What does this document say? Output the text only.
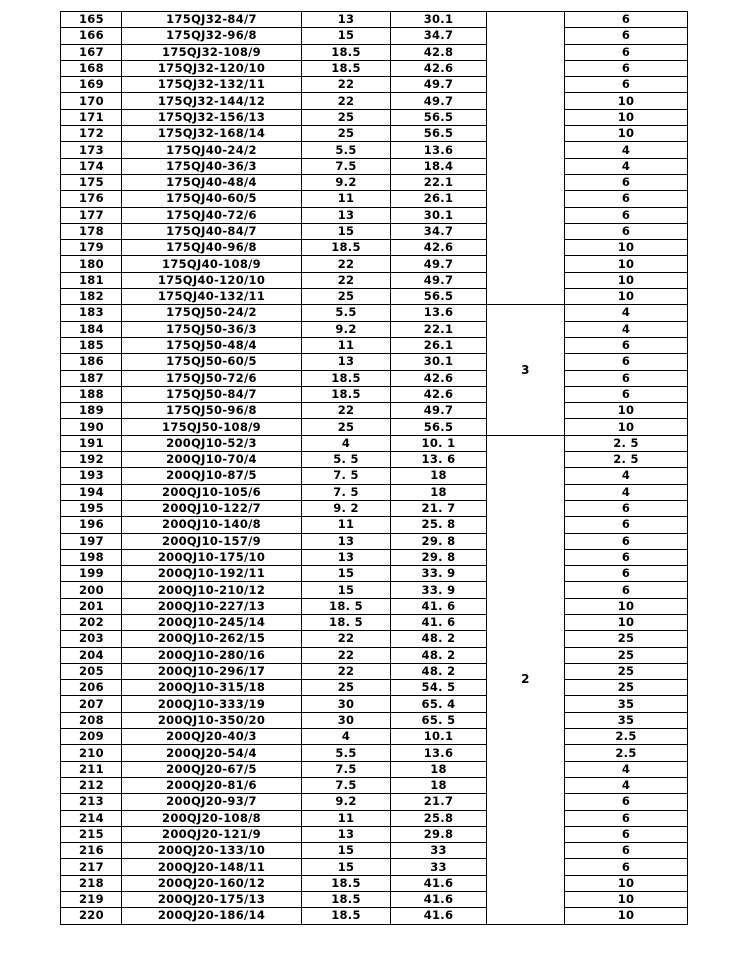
165	175QJ32-84/7	13	30.1		6
166	175QJ32-96/8	15	34.7		6
167	175QJ32-108/9	18.5	42.8		6
168	175QJ32-120/10	18.5	42.6		6
169	175QJ32-132/11	22	49.7		6
170	175QJ32-144/12	22	49.7		10
171	175QJ32-156/13	25	56.5		10
172	175QJ32-168/14	25	56.5		10
173	175QJ40-24/2	5.5	13.6		4
174	175QJ40-36/3	7.5	18.4		4
175	175QJ40-48/4	9.2	22.1		6
176	175QJ40-60/5	11	26.1		6
177	175QJ40-72/6	13	30.1		6
178	175QJ40-84/7	15	34.7		6
179	175QJ40-96/8	18.5	42.6		10
180	175QJ40-108/9	22	49.7		10
181	175QJ40-120/10	22	49.7		10
182	175QJ40-132/11	25	56.5		10
183	175QJ50-24/2	5.5	13.6	3	4
184	175QJ50-36/3	9.2	22.1		4
185	175QJ50-48/4	11	26.1		6
186	175QJ50-60/5	13	30.1		6
187	175QJ50-72/6	18.5	42.6		6
188	175QJ50-84/7	18.5	42.6		6
189	175QJ50-96/8	22	49.7		10
190	175QJ50-108/9	25	56.5		10
191	200QJ10-52/3	4	10. 1	2	2. 5
192	200QJ10-70/4	5. 5	13. 6		2. 5
193	200QJ10-87/5	7. 5	18		4
194	200QJ10-105/6	7. 5	18		4
195	200QJ10-122/7	9. 2	21. 7		6
196	200QJ10-140/8	11	25. 8		6
197	200QJ10-157/9	13	29. 8		6
198	200QJ10-175/10	13	29. 8		6
199	200QJ10-192/11	15	33. 9		6
200	200QJ10-210/12	15	33. 9		6
201	200QJ10-227/13	18. 5	41. 6		10
202	200QJ10-245/14	18. 5	41. 6		10
203	200QJ10-262/15	22	48. 2		25
204	200QJ10-280/16	22	48. 2		25
205	200QJ10-296/17	22	48. 2		25
206	200QJ10-315/18	25	54. 5		25
207	200QJ10-333/19	30	65. 4		35
208	200QJ10-350/20	30	65. 5		35
209	200QJ20-40/3	4	10.1		2.5
210	200QJ20-54/4	5.5	13.6		2.5
211	200QJ20-67/5	7.5	18		4
212	200QJ20-81/6	7.5	18		4
213	200QJ20-93/7	9.2	21.7		6
214	200QJ20-108/8	11	25.8		6
215	200QJ20-121/9	13	29.8		6
216	200QJ20-133/10	15	33		6
217	200QJ20-148/11	15	33		6
218	200QJ20-160/12	18.5	41.6		10
219	200QJ20-175/13	18.5	41.6		10
220	200QJ20-186/14	18.5	41.6		10
